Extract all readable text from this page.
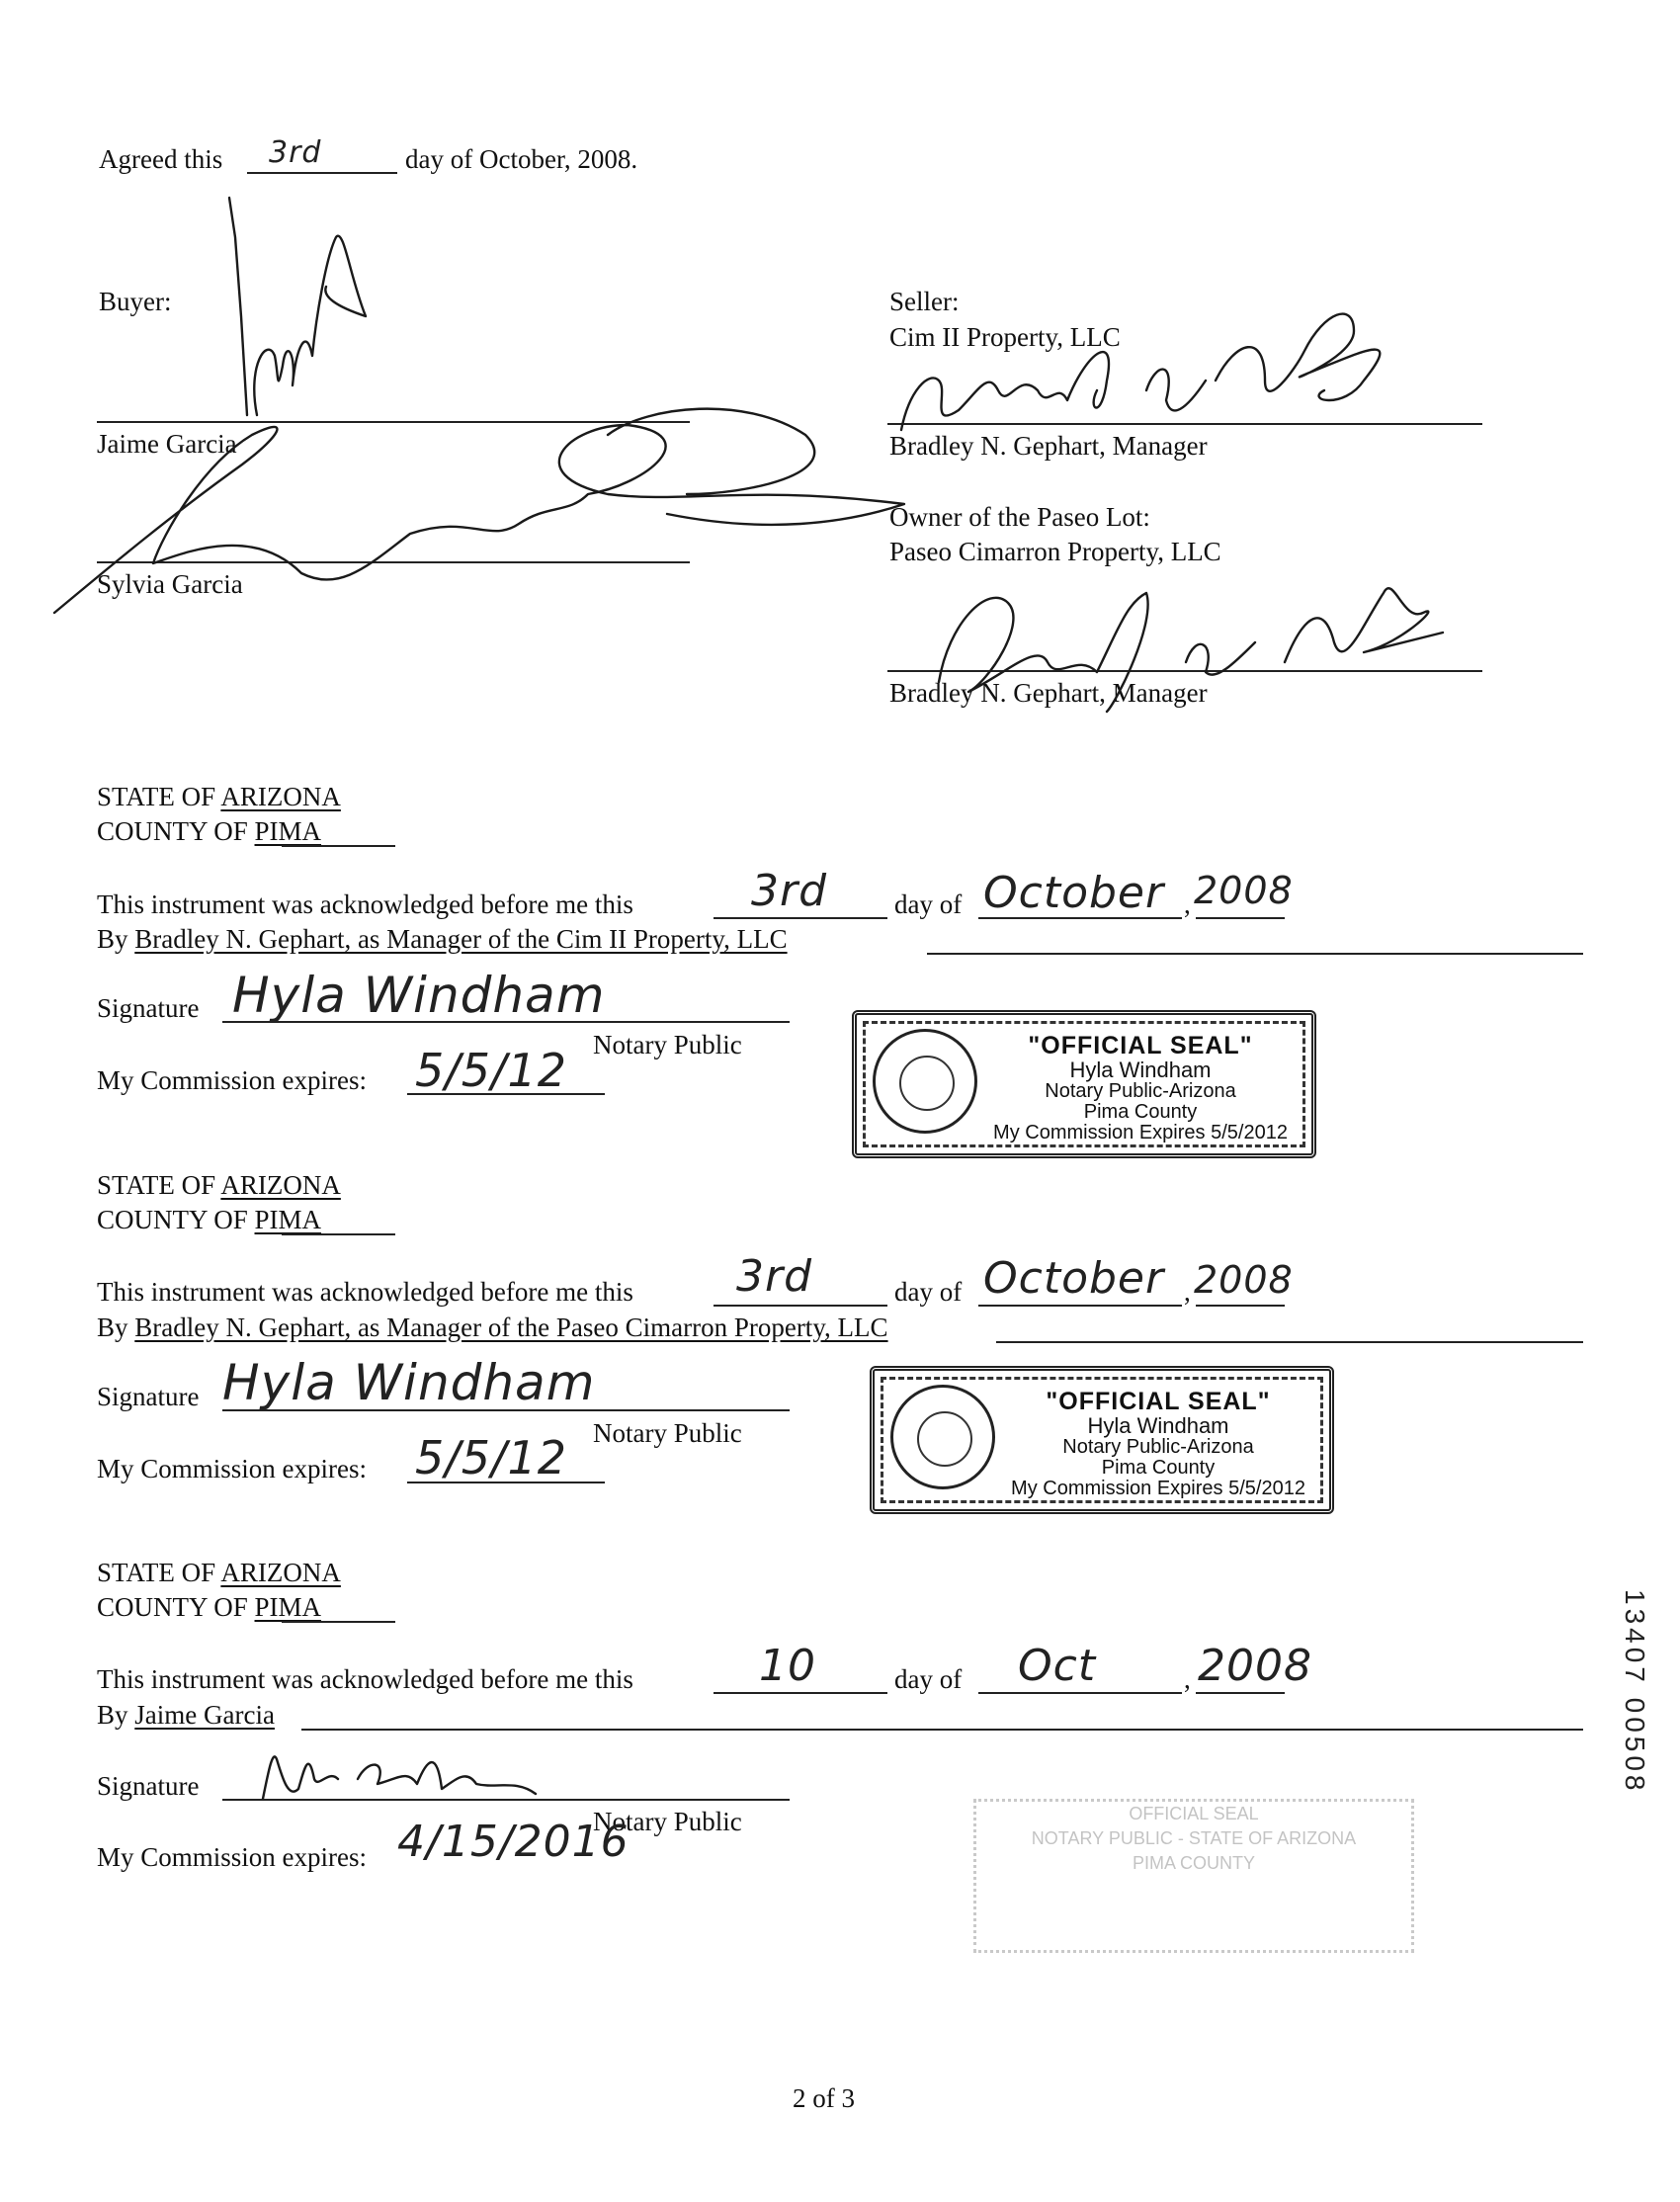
Agreed this 3rd	day of October, 2008.
Buyer:
Jaime Garcia
Sylvia Garcia
Seller:
Cim II Property, LLC
Bradley N. Gephart, Manager
Owner of the Paseo Lot:
Paseo Cimarron Property, LLC
Bradley N. Gephart, Manager
STATE OF ARIZONA
COUNTY OF PIMA
This instrument was acknowledged before me this	3rd	day of October , 2008
By Bradley N. Gephart, as Manager of the Cim II Property, LLC
Signature Hyla Windham
Notary Public
My Commission expires: 5/5/12	"OFFICIAL SEAL"
Hyla Windham
Notary Public-Arizona
Pima County
My Commission Expires 5/5/2012
STATE OF ARIZONA
COUNTY OF PIMA
This instrument was acknowledged before me this 3rd	day of October , 2008
By Bradley N. Gephart, as Manager of the Paseo Cimarron Property, LLC
Signature Hyla Windham
Notary Public
My Commission expires: 5/5/12
"OFFICIAL SEAL"
Hyla Windham
Notary Public-Arizona
Pima County
My Commission Expires 5/5/2012
STATE OF ARIZONA
COUNTY OF PIMA
This instrument was acknowledged before me this	10	day of Oct	, 2008
By Jaime Garcia
Signature
Notary Public
My Commission expires: 4/15/2016
OFFICIAL SEAL
NOTARY PUBLIC - STATE OF ARIZONA
PIMA COUNTY
13407 00508
2 of 3
